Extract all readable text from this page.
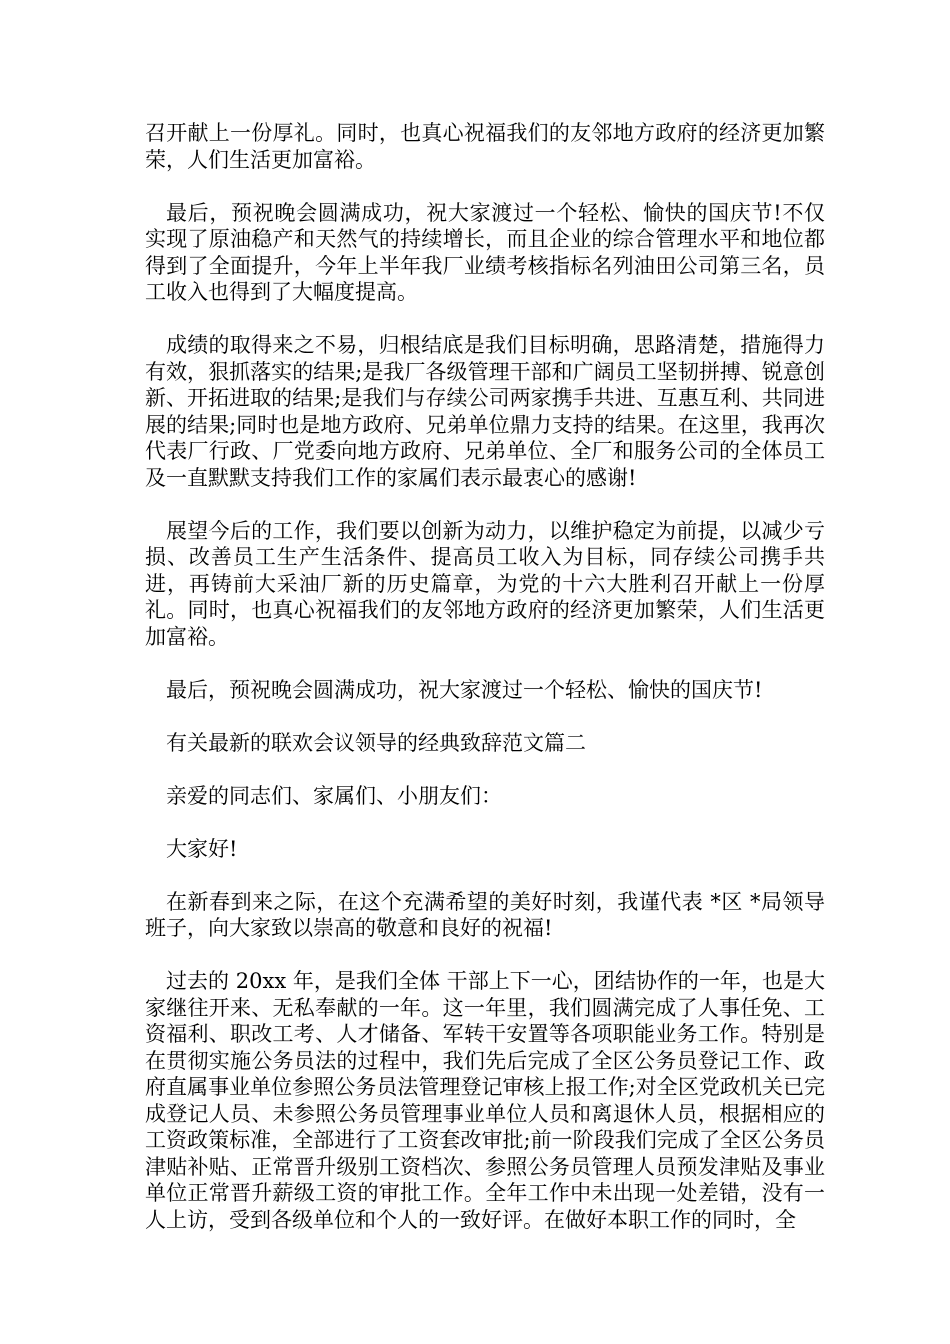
召开献上一份厚礼。同时，也真心祝福我们的友邻地方政府的经济更加繁荣，人们生活更加富裕。

最后，预祝晚会圆满成功，祝大家渡过一个轻松、愉快的国庆节!不仅实现了原油稳产和天然气的持续增长，而且企业的综合管理水平和地位都得到了全面提升，今年上半年我厂业绩考核指标名列油田公司第三名，员工收入也得到了大幅度提高。

成绩的取得来之不易，归根结底是我们目标明确，思路清楚，措施得力有效，狠抓落实的结果;是我厂各级管理干部和广阔员工坚韧拼搏、锐意创新、开拓进取的结果;是我们与存续公司两家携手共进、互惠互利、共同进展的结果;同时也是地方政府、兄弟单位鼎力支持的结果。在这里，我再次代表厂行政、厂党委向地方政府、兄弟单位、全厂和服务公司的全体员工及一直默默支持我们工作的家属们表示最衷心的感谢!

展望今后的工作，我们要以创新为动力，以维护稳定为前提，以减少亏损、改善员工生产生活条件、提高员工收入为目标，同存续公司携手共进，再铸前大采油厂新的历史篇章，为党的十六大胜利召开献上一份厚礼。同时，也真心祝福我们的友邻地方政府的经济更加繁荣，人们生活更加富裕。

最后，预祝晚会圆满成功，祝大家渡过一个轻松、愉快的国庆节!

有关最新的联欢会议领导的经典致辞范文篇二

亲爱的同志们、家属们、小朋友们：

大家好!

在新春到来之际，在这个充满希望的美好时刻，我谨代表 *区 *局领导班子，向大家致以崇高的敬意和良好的祝福!

过去的 20xx 年，是我们全体 干部上下一心，团结协作的一年，也是大家继往开来、无私奉献的一年。这一年里，我们圆满完成了人事任免、工资福利、职改工考、人才储备、军转干安置等各项职能业务工作。特别是在贯彻实施公务员法的过程中，我们先后完成了全区公务员登记工作、政府直属事业单位参照公务员法管理登记审核上报工作;对全区党政机关已完成登记人员、未参照公务员管理事业单位人员和离退休人员，根据相应的工资政策标准，全部进行了工资套改审批;前一阶段我们完成了全区公务员津贴补贴、正常晋升级别工资档次、参照公务员管理人员预发津贴及事业单位正常晋升薪级工资的审批工作。全年工作中未出现一处差错，没有一人上访，受到各级单位和个人的一致好评。在做好本职工作的同时，全
